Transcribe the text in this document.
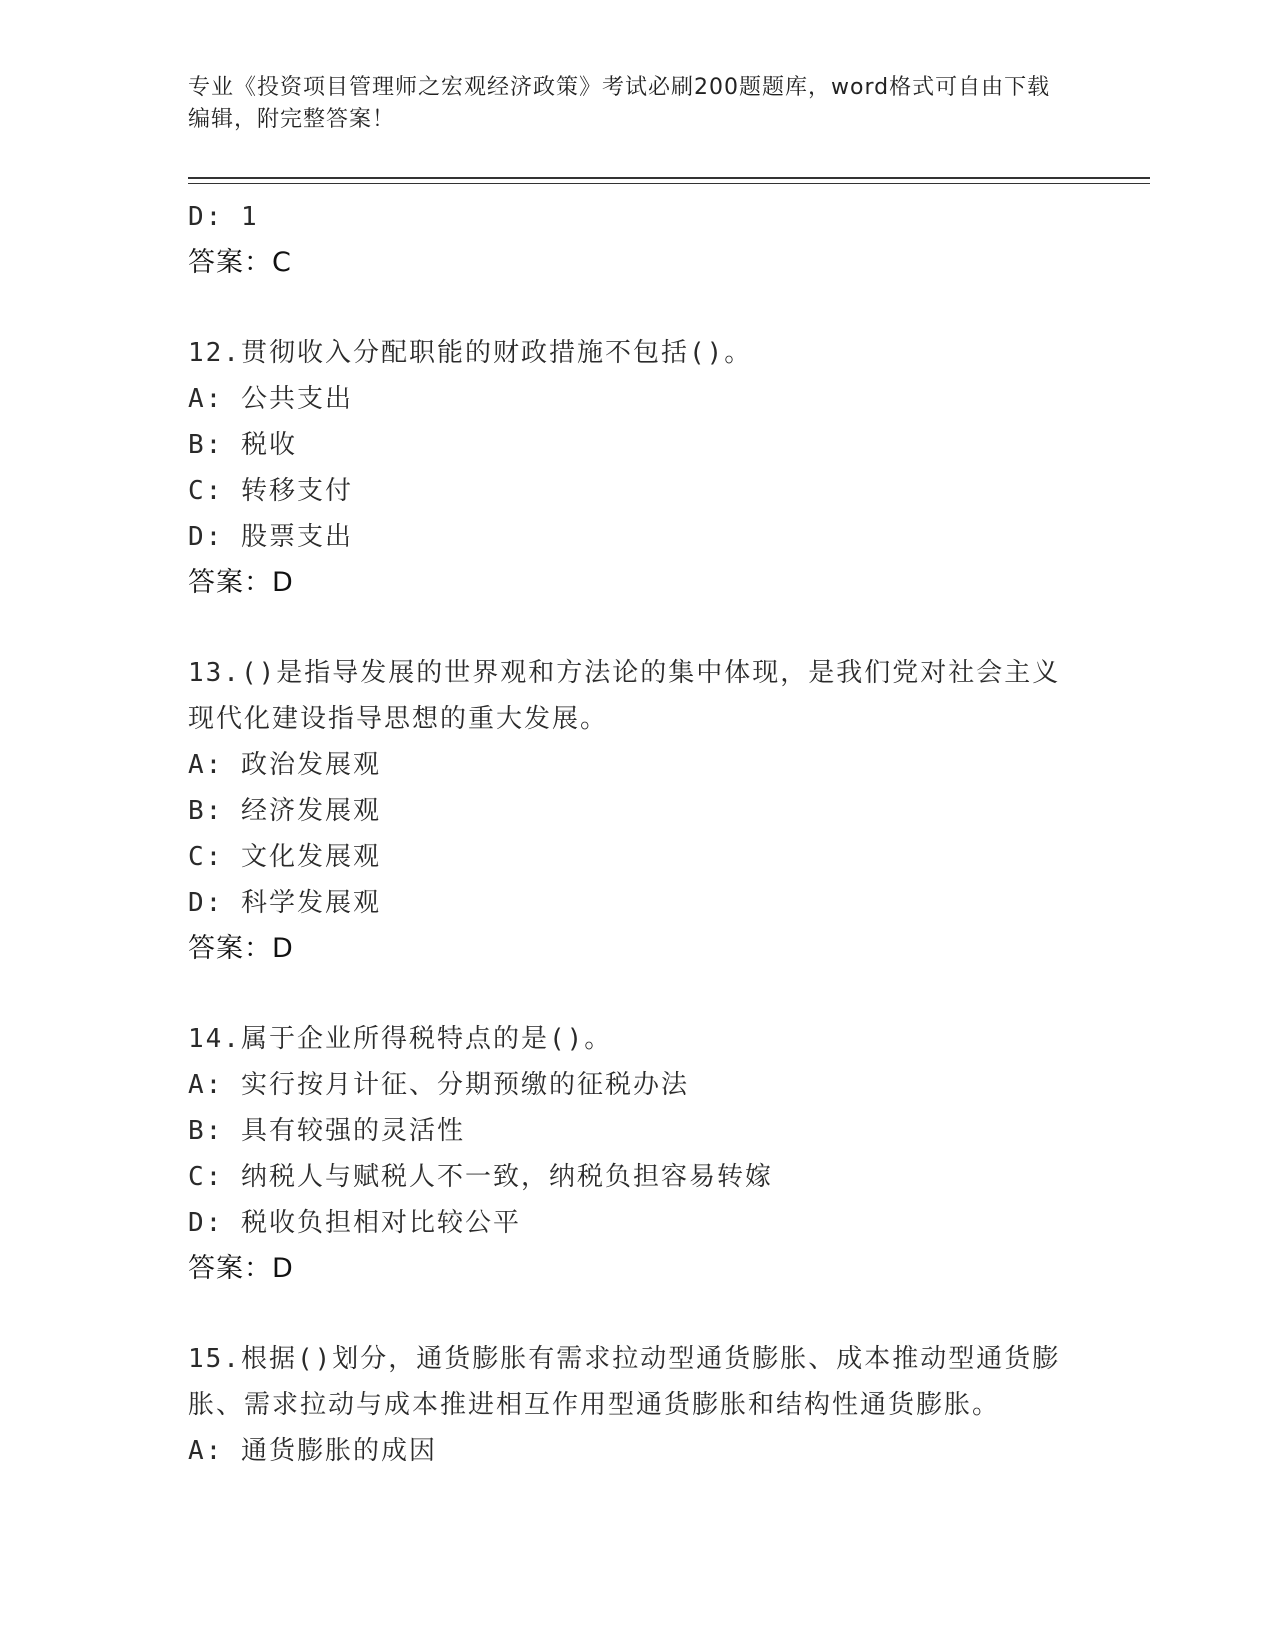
专业《投资项目管理师之宏观经济政策》考试必刷200题题库，word格式可自由下载编辑，附完整答案！
D: 1
答案：C
12.贯彻收入分配职能的财政措施不包括()。
A: 公共支出
B: 税收
C: 转移支付
D: 股票支出
答案：D
13.()是指导发展的世界观和方法论的集中体现，是我们党对社会主义现代化建设指导思想的重大发展。
A: 政治发展观
B: 经济发展观
C: 文化发展观
D: 科学发展观
答案：D
14.属于企业所得税特点的是()。
A: 实行按月计征、分期预缴的征税办法
B: 具有较强的灵活性
C: 纳税人与赋税人不一致，纳税负担容易转嫁
D: 税收负担相对比较公平
答案：D
15.根据()划分，通货膨胀有需求拉动型通货膨胀、成本推动型通货膨胀、需求拉动与成本推进相互作用型通货膨胀和结构性通货膨胀。
A: 通货膨胀的成因
